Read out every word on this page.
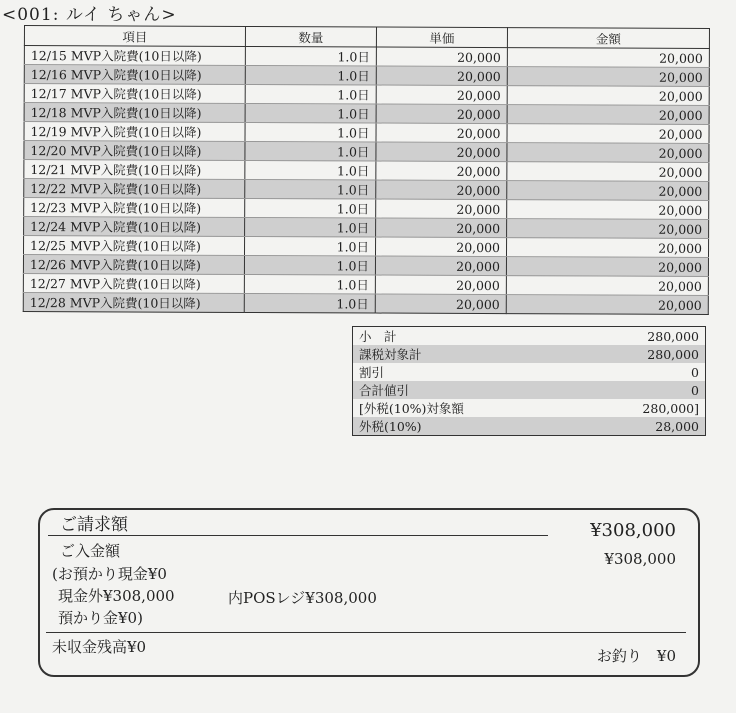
<001: ルイ ちゃん>
項目	数量	単価	金額
12/15 MVP入院費(10日以降)	1.0日	20,000	20,000
12/16 MVP入院費(10日以降)	1.0日	20,000	20,000
12/17 MVP入院費(10日以降)	1.0日	20,000	20,000
12/18 MVP入院費(10日以降)	1.0日	20,000	20,000
12/19 MVP入院費(10日以降)	1.0日	20,000	20,000
12/20 MVP入院費(10日以降)	1.0日	20,000	20,000
12/21 MVP入院費(10日以降)	1.0日	20,000	20,000
12/22 MVP入院費(10日以降)	1.0日	20,000	20,000
12/23 MVP入院費(10日以降)	1.0日	20,000	20,000
12/24 MVP入院費(10日以降)	1.0日	20,000	20,000
12/25 MVP入院費(10日以降)	1.0日	20,000	20,000
12/26 MVP入院費(10日以降)	1.0日	20,000	20,000
12/27 MVP入院費(10日以降)	1.0日	20,000	20,000
12/28 MVP入院費(10日以降)	1.0日	20,000	20,000
小　計	280,000
課税対象計	280,000
割引	0
合計値引	0
[外税(10%)対象額	280,000]
外税(10%)	28,000
ご請求額	¥308,000
ご入金額	¥308,000
(お預かり現金¥0
現金外¥308,000	内POSレジ¥308,000
預かり金¥0)
未収金残高¥0	お釣り　¥0
